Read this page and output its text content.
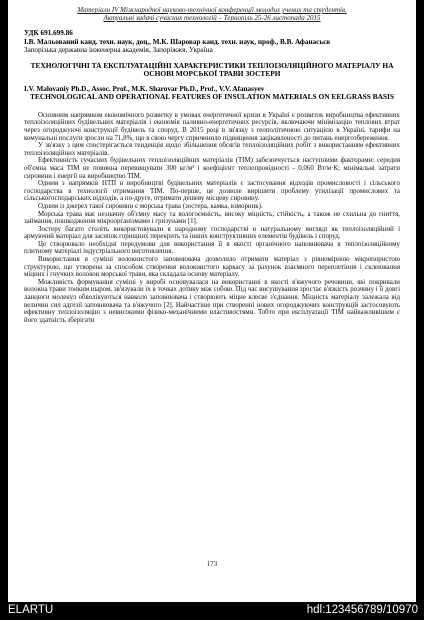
Матеріали IV Міжнародної науково-технічної конференції молодих учених та студентів.
Актуальні задачі сучасних технологій – Тернопіль 25-26 листопада 2015
УДК 691.699.86
І.В. Мальований канд. техн. наук, доц., М.К. Шаровар канд. техн. наук, проф., В.В. Афанасьєв
Запорізька державна інженерна академія, Запоріжжя, Україна
ТЕХНОЛОГІЧНІ ТА ЕКСПЛУАТАЦІЙНІ ХАРАКТЕРИСТИКИ ТЕПЛОІЗОЛЯЦІЙНОГО МАТЕРІАЛУ НА ОСНОВІ МОРСЬКОЇ ТРАВИ ЗОСТЕРИ
I.V. Malovaniy Ph.D., Assoc. Prof., M.K. Sharovar Ph.D., Prof., V.V. Afanasyev
TECHNOLOGICAL AND OPERATIONAL FEATURES OF INSULATION MATERIALS ON EELGRASS BASIS

Основним напрямком економічного розвитку в умовах енергетичної кризи в Україні є розвиток виробництва ефективних теплоізоляційних будівельних матеріалів і економія паливно-енергетичних ресурсів, включаючи мінімізацію теплових втрат через огороджуючі конструкції будівель та споруд. В 2015 році в зв'язку з геополітичною ситуацією в Україні, тарифи на комунальні послуги зросли на 71,8%, що в свою чергу спричинило підвищення зацікавленості до питань енергозбереження.

У зв'язку з цим спостерігається тенденція щодо збільшення обсягів теплоізоляційних робіт з використанням ефективних теплоізоляційних матеріалів.

Ефективність сучасних будівельних теплоізоляційних матеріалів (ТІМ) забезпечується наступними факторами: середня об'ємна маса ТІМ не повинна перевищувати 300 кг/м³ і коефіцієнт теплопровідності - 0,060 Вт/м·К; мінімальні затрати сировини і енергії на виробництво ТІМ.

Одним з напрямків НТП в виробництві будівельних матеріалів є застосування відходів промисловості і сільського господарства в технології отримання ТІМ. По-перше, це дозволе вирішити проблему утилізації промислових та сільськогосподарських відходів, а по-друге, отримати дешеву місцеву сировину.

Одним із джерел такої сировини є морська трава (зостера, камка, взморник).

Морська трава має незначну об'ємну масу та вологоємність, високу міцність, стійкість, а також не схильна до гниття, займання, пошкодження мікроорганізмами і гризунами [1].

Зостеру багато століть використовували в народному господарстві в натуральному вигляді як теплоізоляційний і армуючий матеріал для засипок горищних перекрить та інших конструктивних елементів будівель і споруд.

Це створювало необхідні передумови для використання її в якості органічного наповнювача в теплоізоляційному плитному матеріалі індустріального виготовлення.

Використання в суміші волокнистого заповнювача дозволило отримати матеріал з рівномірною мікропористою структурою, що утворена за способом створення волокнистого каркасу за рахунок взаємного переплетіння і склеювання міцних і гнучких волокон морської трави, яка складала основу матеріалу.

Можливість формування суміші у виробі основувалася на використанні в якості в'яжучого речовини, які покривали волокна трави тонким шаром, зв'язували їх в точках дотику між собою. Під час висушування зростає в'язкість розчину і її довгі ланцюги молекул обволікуються навколо заповнювача і створюють міцне клеєве з'єднання. Міцність матеріалу залежала від величин сил адгезії заповнювача та в'яжучого [2]. Найчастіше при створенні нових огороджуючих конструкцій застосовують ефективну теплоізоляцію з невисокими фізико-механічними властивостями. Тобто при експлуатації ТІМ найважливішим є його здатність зберігати

173
ELARTU	hdl:123456789/10970
